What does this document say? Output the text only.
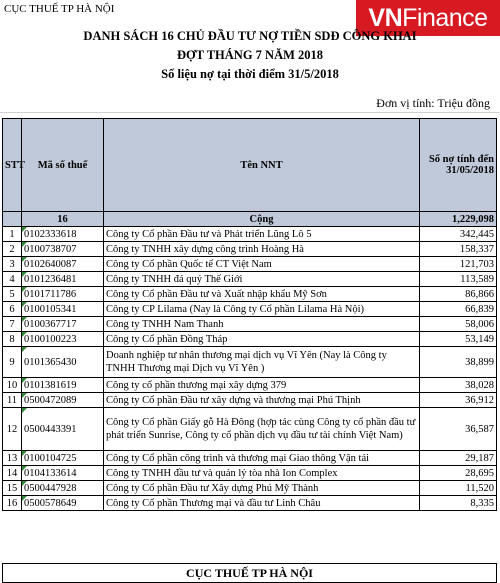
CỤC THUẾ TP HÀ NỘI	VN Finance
DANH SÁCH 16 CHỦ ĐẦU TƯ NỢ TIỀN SDĐ CÔNG KHAI
ĐỢT THÁNG 7 NĂM 2018
Số liệu nợ tại thời điểm 31/5/2018
Đơn vị tính: Triệu đồng
STT	Mã số thuế	Tên NNT	Số nợ tính đến 31/05/2018
	16	Cộng	1,229,098
1	0102333618	Công ty Cổ phần Đầu tư và Phát triển Lũng Lô 5	342,445
2	0100738707	Công ty TNHH xây dựng công trình Hoàng Hà	158,337
3	0102640087	Công ty Cổ phần Quốc tế CT Việt Nam	121,703
4	0101236481	Công ty TNHH đá quý Thế Giới	113,589
5	0101711786	Công ty Cổ phần Đầu tư và Xuất nhập khẩu Mỹ Sơn	86,866
6	0100105341	Công ty CP Lilama (Nay là Công ty Cổ phần Lilama Hà Nội)	66,839
7	0100367717	Công ty TNHH Nam Thanh	58,006
8	0100100223	Công ty Cổ phần Đồng Tháp	53,149
9	0101365430	Doanh nghiệp tư nhân thương mại dịch vụ Vĩ Yên (Nay là Công ty TNHH Thương mại Dịch vụ Vĩ Yên )	38,899
10	0101381619	Công ty cổ phần thương mại xây dựng 379	38,028
11	0500472089	Công ty Cổ phần Đầu tư xây dựng và thương mại Phú Thịnh	36,912
12	0500443391	Công ty Cổ phần Giấy gỗ Hà Đông (hợp tác cùng Công ty cổ phần đầu tư phát triển Sunrise, Công ty cổ phần dịch vụ đầu tư tài chính Việt Nam)	36,587
13	0100104725	Công ty Cổ phần công trình và thương mại Giao thông Vận tải	29,187
14	0104133614	Công ty TNHH đầu tư và quản lý tòa nhà Ion Complex	28,695
15	0500447928	Công ty Cổ phần Đầu tư Xây dựng Phú Mỹ Thành	11,520
16	0500578649	Công ty Cổ phần Thương mại và đầu tư Linh Châu	8,335
CỤC THUẾ TP HÀ NỘI
